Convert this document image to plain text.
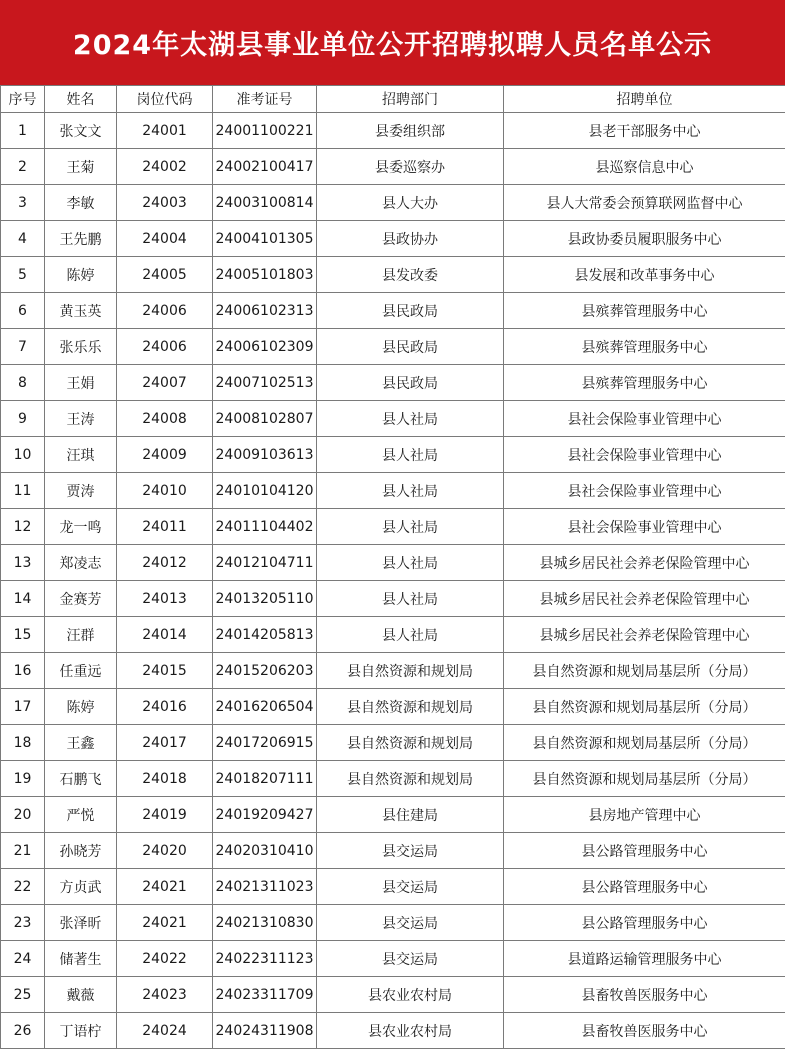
2024年太湖县事业单位公开招聘拟聘人员名单公示
序号	姓名	岗位代码	准考证号	招聘部门	招聘单位
1	张文文	24001	24001100221	县委组织部	县老干部服务中心
2	王菊	24002	24002100417	县委巡察办	县巡察信息中心
3	李敏	24003	24003100814	县人大办	县人大常委会预算联网监督中心
4	王先鹏	24004	24004101305	县政协办	县政协委员履职服务中心
5	陈婷	24005	24005101803	县发改委	县发展和改革事务中心
6	黄玉英	24006	24006102313	县民政局	县殡葬管理服务中心
7	张乐乐	24006	24006102309	县民政局	县殡葬管理服务中心
8	王娟	24007	24007102513	县民政局	县殡葬管理服务中心
9	王涛	24008	24008102807	县人社局	县社会保险事业管理中心
10	汪琪	24009	24009103613	县人社局	县社会保险事业管理中心
11	贾涛	24010	24010104120	县人社局	县社会保险事业管理中心
12	龙一鸣	24011	24011104402	县人社局	县社会保险事业管理中心
13	郑凌志	24012	24012104711	县人社局	县城乡居民社会养老保险管理中心
14	金赛芳	24013	24013205110	县人社局	县城乡居民社会养老保险管理中心
15	汪群	24014	24014205813	县人社局	县城乡居民社会养老保险管理中心
16	任重远	24015	24015206203	县自然资源和规划局	县自然资源和规划局基层所（分局）
17	陈婷	24016	24016206504	县自然资源和规划局	县自然资源和规划局基层所（分局）
18	王鑫	24017	24017206915	县自然资源和规划局	县自然资源和规划局基层所（分局）
19	石鹏飞	24018	24018207111	县自然资源和规划局	县自然资源和规划局基层所（分局）
20	严悦	24019	24019209427	县住建局	县房地产管理中心
21	孙晓芳	24020	24020310410	县交运局	县公路管理服务中心
22	方贞武	24021	24021311023	县交运局	县公路管理服务中心
23	张泽昕	24021	24021310830	县交运局	县公路管理服务中心
24	储著生	24022	24022311123	县交运局	县道路运输管理服务中心
25	戴薇	24023	24023311709	县农业农村局	县畜牧兽医服务中心
26	丁语柠	24024	24024311908	县农业农村局	县畜牧兽医服务中心
